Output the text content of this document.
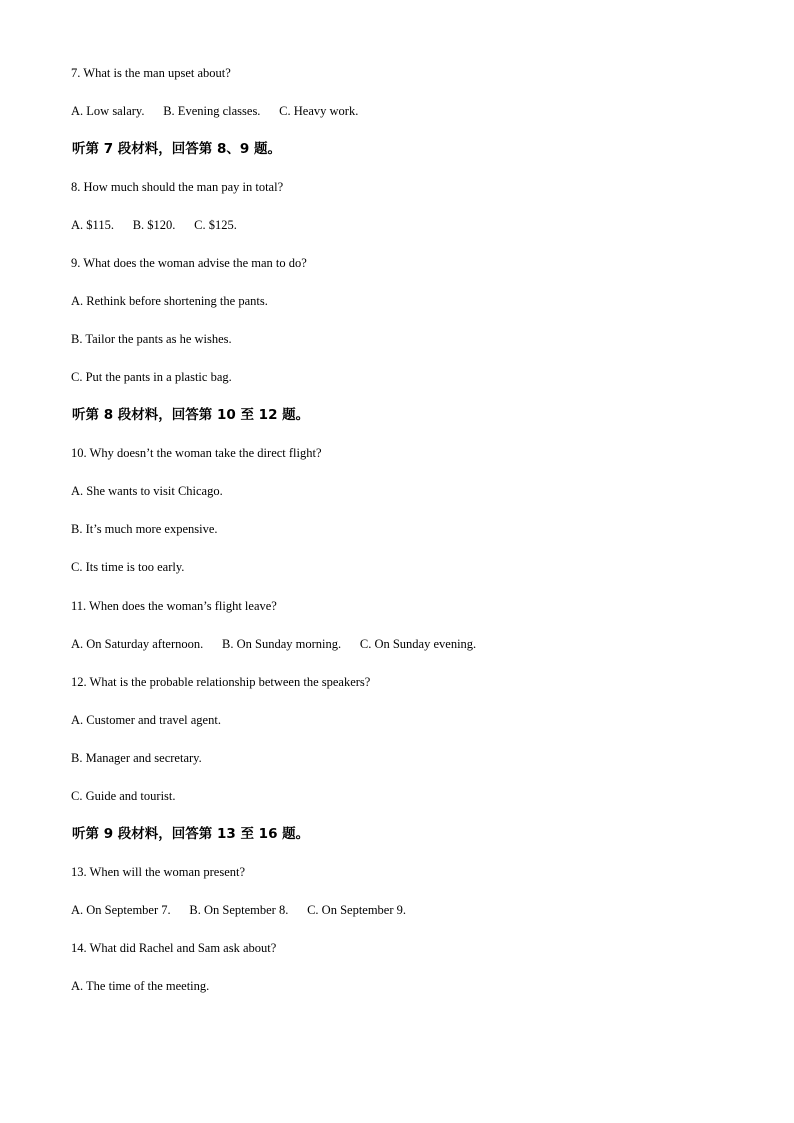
7. What is the man upset about?
A. Low salary.      B. Evening classes.      C. Heavy work.
听第 7 段材料，回答第 8、9 题。
8. How much should the man pay in total?
A. $115.      B. $120.      C. $125.
9. What does the woman advise the man to do?
A. Rethink before shortening the pants.
B. Tailor the pants as he wishes.
C. Put the pants in a plastic bag.
听第 8 段材料，回答第 10 至 12 题。
10. Why doesn’t the woman take the direct flight?
A. She wants to visit Chicago.
B. It’s much more expensive.
C. Its time is too early.
11. When does the woman’s flight leave?
A. On Saturday afternoon.      B. On Sunday morning.      C. On Sunday evening.
12. What is the probable relationship between the speakers?
A. Customer and travel agent.
B. Manager and secretary.
C. Guide and tourist.
听第 9 段材料，回答第 13 至 16 题。
13. When will the woman present?
A. On September 7.      B. On September 8.      C. On September 9.
14. What did Rachel and Sam ask about?
A. The time of the meeting.
